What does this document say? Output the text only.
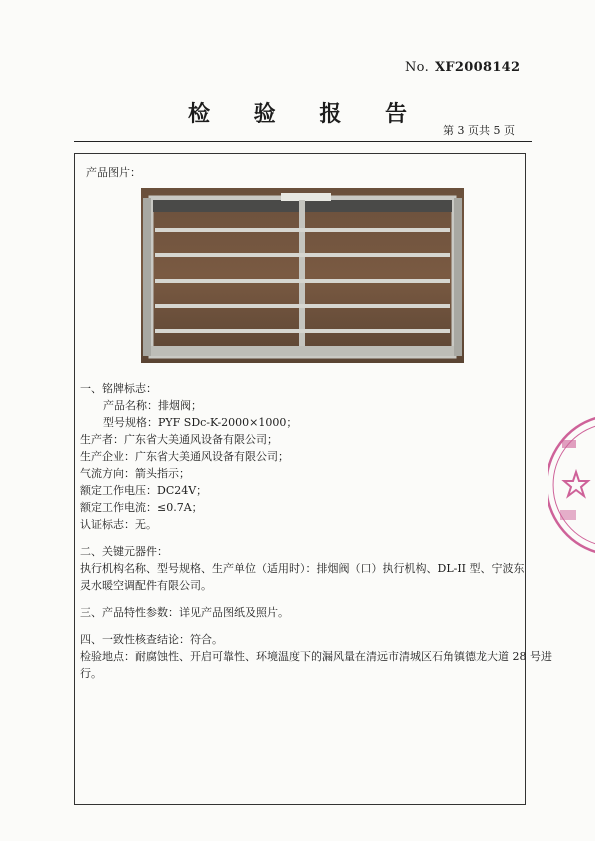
No. XF2008142
检 验 报 告
第 3 页共 5 页
产品图片：
一、铭牌标志：
产品名称：排烟阀；
型号规格：PYF SDc-K-2000×1000；
生产者：广东省大美通风设备有限公司；
生产企业：广东省大美通风设备有限公司；
气流方向：箭头指示；
额定工作电压：DC24V；
额定工作电流：≤0.7A；
认证标志：无。
二、关键元器件：
执行机构名称、型号规格、生产单位（适用时）：排烟阀（口）执行机构、DL-II 型、宁波东
灵水暖空调配件有限公司。
三、产品特性参数：详见产品图纸及照片。
四、一致性核查结论：符合。
检验地点：耐腐蚀性、开启可靠性、环境温度下的漏风量在清远市清城区石角镇德龙大道 28 号进
行。
